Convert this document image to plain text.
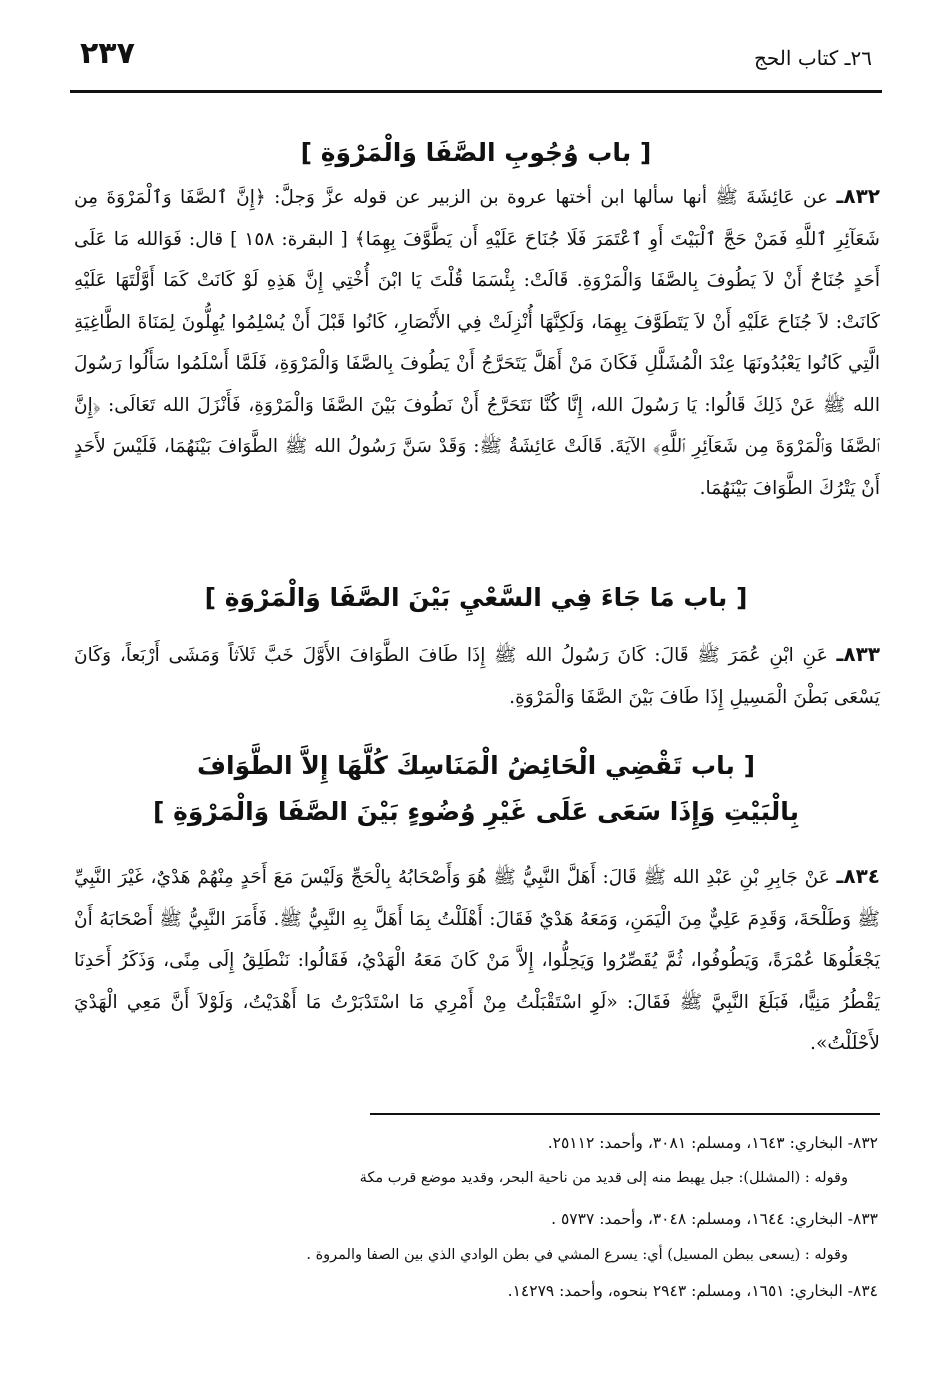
٢٣٧	٢٦ـ كتاب الحج
[ باب وُجُوبِ الصَّفَا وَالْمَرْوَةِ ]
٨٣٢ـ عن عَائِشَةَ ﷺ أنها سألها ابن أختها عروة بن الزبير عن قوله عزَّ وَجلَّ: ﴿إِنَّ ٱلصَّفَا وَٱلْمَرْوَةَ مِن شَعَآئِرِ ٱللَّهِ فَمَنْ حَجَّ ٱلْبَيْتَ أَوِ ٱعْتَمَرَ فَلَا جُنَاحَ عَلَيْهِ أَن يَطَّوَّفَ بِهِمَا﴾ [ البقرة: ١٥٨ ] قال: فَوَالله مَا عَلَى أَحَدٍ جُنَاحٌ أَنْ لاَ يَطُوفَ بِالصَّفَا وَالْمَرْوَةِ. قَالَتْ: بِئْسَمَا قُلْتَ يَا ابْنَ أُخْتِي إِنَّ هَذِهِ لَوْ كَانَتْ كَمَا أَوَّلْتَهَا عَلَيْهِ كَانَتْ: لاَ جُنَاحَ عَلَيْهِ أَنْ لاَ يَتَطَوَّفَ بِهِمَا، وَلَكِنَّهَا أُنْزِلَتْ فِي الأَنْصَارِ، كَانُوا قَبْلَ أَنْ يُسْلِمُوا يُهِلُّونَ لِمَنَاةَ الطَّاغِيَةِ الَّتِي كَانُوا يَعْبُدُونَهَا عِنْدَ الْمُشَلَّلِ فَكَانَ مَنْ أَهَلَّ يَتَحَرَّجُ أَنْ يَطُوفَ بِالصَّفَا وَالْمَرْوَةِ، فَلَمَّا أَسْلَمُوا سَأَلُوا رَسُولَ الله ﷺ عَنْ ذَلِكَ قَالُوا: يَا رَسُولَ الله، إِنَّا كُنَّا نَتَحَرَّجُ أَنْ نَطُوفَ بَيْنَ الصَّفَا وَالْمَرْوَةِ، فَأَنْزَلَ الله تَعَالَى: ﴿إِنَّ ٱلصَّفَا وَٱلْمَرْوَةَ مِن شَعَآئِرِ ٱللَّهِ﴾ الآيَةَ. قَالَتْ عَائِشَةُ ﷺ: وَقَدْ سَنَّ رَسُولُ الله ﷺ الطَّوَافَ بَيْنَهُمَا، فَلَيْسَ لأَحَدٍ أَنْ يَتْرُكَ الطَّوَافَ بَيْنَهُمَا.
[ باب مَا جَاءَ فِي السَّعْيِ بَيْنَ الصَّفَا وَالْمَرْوَةِ ]
٨٣٣ـ عَنِ ابْنِ عُمَرَ ﷺ قَالَ: كَانَ رَسُولُ الله ﷺ إِذَا طَافَ الطَّوَافَ الأَوَّلَ خَبَّ ثَلاَثاً وَمَشَى أَرْبَعاً، وَكَانَ يَسْعَى بَطْنَ الْمَسِيلِ إِذَا طَافَ بَيْنَ الصَّفَا وَالْمَرْوَةِ.
[ باب تَقْضِي الْحَائِضُ الْمَنَاسِكَ كُلَّهَا إِلاَّ الطَّوَافَ
بِالْبَيْتِ وَإِذَا سَعَى عَلَى غَيْرِ وُضُوءٍ بَيْنَ الصَّفَا وَالْمَرْوَةِ ]
٨٣٤ـ عَنْ جَابِرِ بْنِ عَبْدِ الله ﷺ قَالَ: أَهَلَّ النَّبِيُّ ﷺ هُوَ وَأَصْحَابُهُ بِالْحَجِّ وَلَيْسَ مَعَ أَحَدٍ مِنْهُمْ هَدْيٌ، غَيْرَ النَّبِيِّ ﷺ وَطَلْحَةَ، وَقَدِمَ عَلِيٌّ مِنَ الْيَمَنِ، وَمَعَهُ هَدْيٌ فَقَالَ: أَهْلَلْتُ بِمَا أَهَلَّ بِهِ النَّبِيُّ ﷺ. فَأَمَرَ النَّبِيُّ ﷺ أَصْحَابَهُ أَنْ يَجْعَلُوهَا عُمْرَةً، وَيَطُوفُوا، ثُمَّ يُقَصِّرُوا وَيَحِلُّوا، إِلاَّ مَنْ كَانَ مَعَهُ الْهَدْيُ، فَقَالُوا: نَنْطَلِقُ إِلَى مِنًى، وَذَكَرُ أَحَدِنَا يَقْطُرُ مَنِيًّا، فَبَلَغَ النَّبِيَّ ﷺ فَقَالَ: «لَوِ اسْتَقْبَلْتُ مِنْ أَمْرِي مَا اسْتَدْبَرْتُ مَا أَهْدَيْتُ، وَلَوْلاَ أَنَّ مَعِي الْهَدْيَ لأَحْلَلْتُ».
٨٣٢- البخاري: ١٦٤٣، ومسلم: ٣٠٨١، وأحمد: ٢٥١١٢.
وقوله : (المشلل): جبل يهبط منه إلى قديد من ناحية البحر، وقديد موضع قرب مكة
٨٣٣- البخاري: ١٦٤٤، ومسلم: ٣٠٤٨، وأحمد: ٥٧٣٧ .
وقوله : (يسعى ببطن المسيل) أي: يسرع المشي في بطن الوادي الذي بين الصفا والمروة .
٨٣٤- البخاري: ١٦٥١، ومسلم: ٢٩٤٣ بنحوه، وأحمد: ١٤٢٧٩.
